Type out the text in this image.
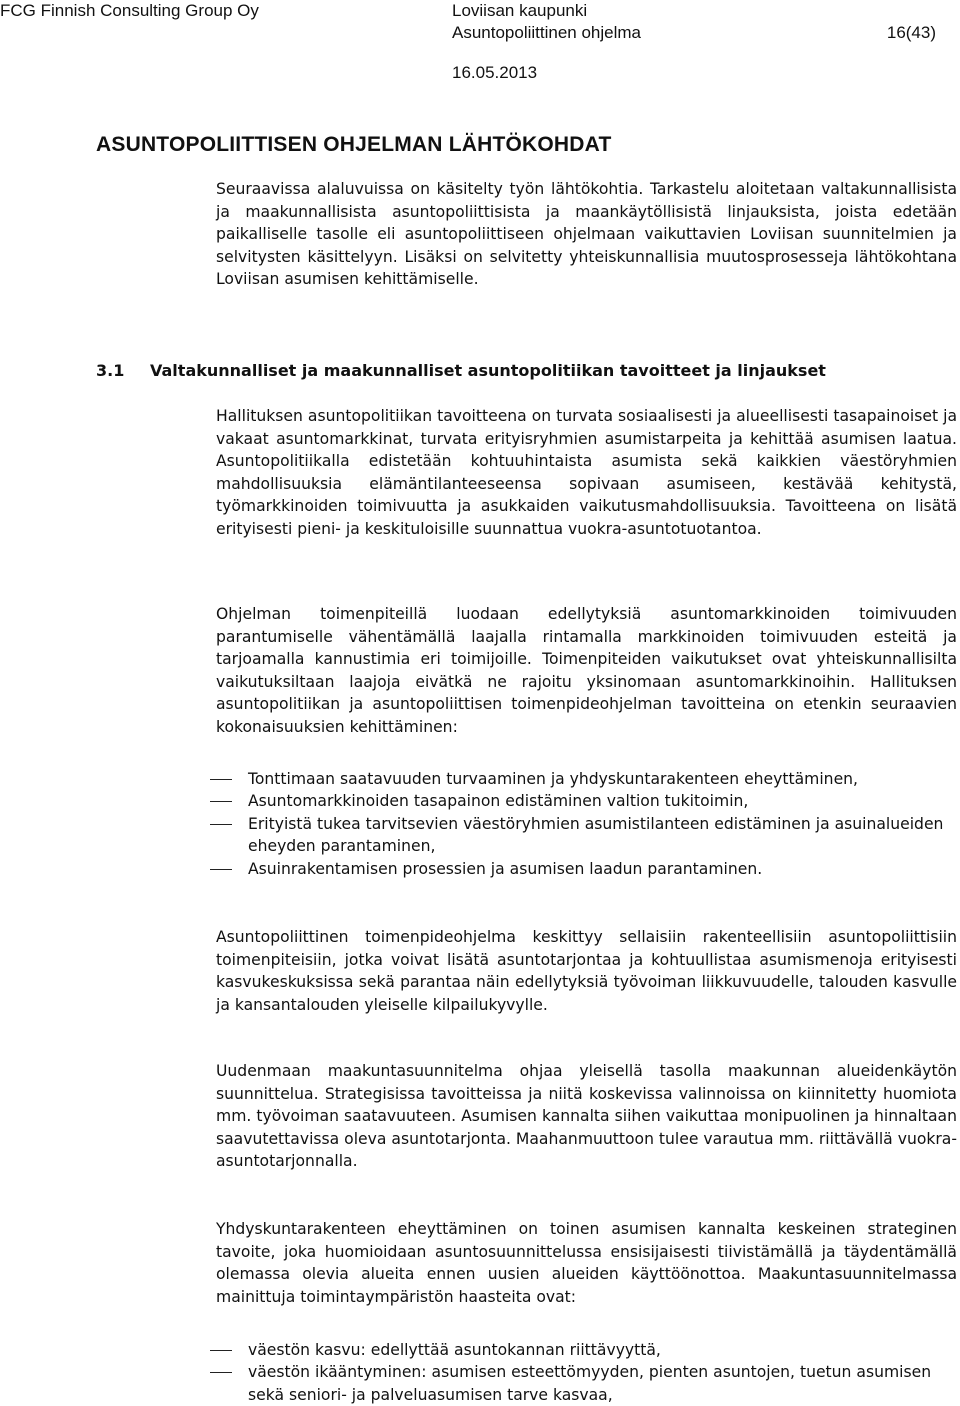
FCG Finnish Consulting Group Oy	Loviisan kaupunki
Asuntopoliittinen ohjelma	16(43)
16.05.2013
ASUNTOPOLIITTISEN OHJELMAN LÄHTÖKOHDAT

Seuraavissa alaluvuissa on käsitelty työn lähtökohtia. Tarkastelu aloitetaan valtakunnallisista ja maakunnallisista asuntopoliittisista ja maankäytöllisistä linjauksista, joista edetään paikalliselle tasolle eli asuntopoliittiseen ohjelmaan vaikuttavien Loviisan suunnitelmien ja selvitysten käsittelyyn. Lisäksi on selvitetty yhteiskunnallisia muutosprosesseja lähtökohtana Loviisan asumisen kehittämiselle.

3.1
Valtakunnalliset ja maakunnalliset asuntopolitiikan tavoitteet ja linjaukset

Hallituksen asuntopolitiikan tavoitteena on turvata sosiaalisesti ja alueellisesti tasapainoiset ja vakaat asuntomarkkinat, turvata erityisryhmien asumistarpeita ja kehittää asumisen laatua. Asuntopolitiikalla edistetään kohtuuhintaista asumista sekä kaikkien väestöryhmien mahdollisuuksia elämäntilanteeseensa sopivaan asumiseen, kestävää kehitystä, työmarkkinoiden toimivuutta ja asukkaiden vaikutusmahdollisuuksia. Tavoitteena on lisätä erityisesti pieni- ja keskituloisille suunnattua vuokra-asuntotuotantoa.

Ohjelman toimenpiteillä luodaan edellytyksiä asuntomarkkinoiden toimivuuden parantumiselle vähentämällä laajalla rintamalla markkinoiden toimivuuden esteitä ja tarjoamalla kannustimia eri toimijoille. Toimenpiteiden vaikutukset ovat yhteiskunnallisilta vaikutuksiltaan laajoja eivätkä ne rajoitu yksinomaan asuntomarkkinoihin. Hallituksen asuntopolitiikan ja asuntopoliittisen toimenpideohjelman tavoitteina on etenkin seuraavien kokonaisuuksien kehittäminen:

Tonttimaan saatavuuden turvaaminen ja yhdyskuntarakenteen eheyttäminen,
Asuntomarkkinoiden tasapainon edistäminen valtion tukitoimin,
Erityistä tukea tarvitsevien väestöryhmien asumistilanteen edistäminen ja asuinalueiden eheyden parantaminen,
Asuinrakentamisen prosessien ja asumisen laadun parantaminen.

Asuntopoliittinen toimenpideohjelma keskittyy sellaisiin rakenteellisiin asuntopoliittisiin toimenpiteisiin, jotka voivat lisätä asuntotarjontaa ja kohtuullistaa asumismenoja erityisesti kasvukeskuksissa sekä parantaa näin edellytyksiä työvoiman liikkuvuudelle, talouden kasvulle ja kansantalouden yleiselle kilpailukyvylle.

Uudenmaan maakuntasuunnitelma ohjaa yleisellä tasolla maakunnan alueidenkäytön suunnittelua. Strategisissa tavoitteissa ja niitä koskevissa valinnoissa on kiinnitetty huomiota mm. työvoiman saatavuuteen. Asumisen kannalta siihen vaikuttaa monipuolinen ja hinnaltaan saavutettavissa oleva asuntotarjonta. Maahanmuuttoon tulee varautua mm. riittävällä vuokra-asuntotarjonnalla.

Yhdyskuntarakenteen eheyttäminen on toinen asumisen kannalta keskeinen strateginen tavoite, joka huomioidaan asuntosuunnittelussa ensisijaisesti tiivistämällä ja täydentämällä olemassa olevia alueita ennen uusien alueiden käyttöönottoa. Maakuntasuunnitelmassa mainittuja toimintaympäristön haasteita ovat:

väestön kasvu: edellyttää asuntokannan riittävyyttä,
väestön ikääntyminen: asumisen esteettömyyden, pienten asuntojen, tuetun asumisen sekä seniori- ja palveluasumisen tarve kasvaa,
